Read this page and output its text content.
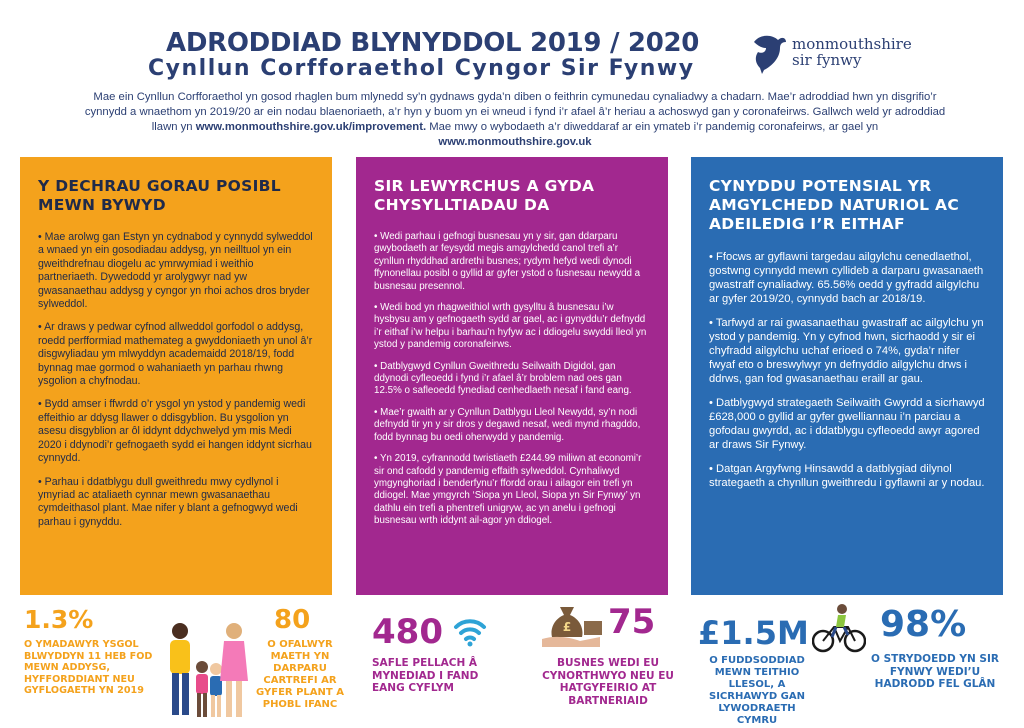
ADRODDIAD BLYNYDDOL 2019 / 2020
Cynllun Corfforaethol Cyngor Sir Fynwy
monmouthshire
sir fynwy
Mae ein Cynllun Corfforaethol yn gosod rhaglen bum mlynedd sy’n gydnaws gyda’n diben o feithrin cymunedau cynaliadwy a chadarn. Mae’r adroddiad hwn yn disgrifio’r cynnydd a wnaethom yn 2019/20 ar ein nodau blaenoriaeth, a’r hyn y buom yn ei wneud i fynd i’r afael â’r heriau a achoswyd gan y coronafeirws. Gallwch weld yr adroddiad llawn yn www.monmouthshire.gov.uk/improvement. Mae mwy o wybodaeth a’r diweddaraf ar ein ymateb i’r pandemig coronafeirws, ar gael yn www.monmouthshire.gov.uk
Y DECHRAU GORAU POSIBL MEWN BYWYD

• Mae arolwg gan Estyn yn cydnabod y cynnydd sylweddol a wnaed yn ein gosodiadau addysg, yn neilltuol yn ein gweithdrefnau diogelu ac ymrwymiad i weithio partneriaeth. Dywedodd yr arolygwyr nad yw gwasanaethau addysg y cyngor yn rhoi achos dros bryder sylweddol.

• Ar draws y pedwar cyfnod allweddol gorfodol o addysg, roedd perfformiad mathemateg a gwyddoniaeth yn unol â’r disgwyliadau ym mlwyddyn academaidd 2018/19, fodd bynnag mae gormod o wahaniaeth yn parhau rhwng ysgolion a chyfnodau.

• Bydd amser i ffwrdd o’r ysgol yn ystod y pandemig wedi effeithio ar ddysg llawer o ddisgyblion. Bu ysgolion yn asesu disgyblion ar ôl iddynt ddychwelyd ym mis Medi 2020 i ddynodi’r gefnogaeth sydd ei hangen iddynt sicrhau cynnydd.

• Parhau i ddatblygu dull gweithredu mwy cydlynol i ymyriad ac ataliaeth cynnar mewn gwasanaethau cymdeithasol plant. Mae nifer y blant a gefnogwyd wedi parhau i gynyddu.

SIR LEWYRCHUS A GYDA CHYSYLLTIADAU DA

• Wedi parhau i gefnogi busnesau yn y sir, gan ddarparu gwybodaeth ar feysydd megis amgylchedd canol trefi a’r cynllun rhyddhad ardrethi busnes; rydym hefyd wedi dynodi ffynonellau posibl o gyllid ar gyfer ystod o fusnesau newydd a busnesau presennol.

• Wedi bod yn rhagweithiol wrth gysylltu â busnesau i’w hysbysu am y gefnogaeth sydd ar gael, ac i gynyddu’r defnydd i’r eithaf i’w helpu i barhau’n hyfyw ac i ddiogelu swyddi lleol yn ystod y pandemig coronafeirws.

• Datblygwyd Cynllun Gweithredu Seilwaith Digidol, gan ddynodi cyfleoedd i fynd i’r afael â’r broblem nad oes gan 12.5% o safleoedd fynediad cenhedlaeth nesaf i fand eang.

• Mae’r gwaith ar y Cynllun Datblygu Lleol Newydd, sy’n nodi defnydd tir yn y sir dros y degawd nesaf, wedi mynd rhagddo, fodd bynnag bu oedi oherwydd y pandemig.

• Yn 2019, cyfrannodd twristiaeth £244.99 miliwn at economi’r sir ond cafodd y pandemig effaith sylweddol. Cynhaliwyd ymgynghoriad i benderfynu’r ffordd orau i ailagor ein trefi yn ddiogel. Mae ymgyrch ‘Siopa yn Lleol, Siopa yn Sir Fynwy’ yn dathlu ein trefi a phentrefi unigryw, ac yn anelu i gefnogi busnesau wrth iddynt ail-agor yn ddiogel.

CYNYDDU POTENSIAL YR AMGYLCHEDD NATURIOL AC ADEILEDIG I’R EITHAF

• Ffocws ar gyflawni targedau ailgylchu cenedlaethol, gostwng cynnydd mewn cyllideb a darparu gwasanaeth gwastraff cynaliadwy. 65.56% oedd y gyfradd ailgylchu ar gyfer 2019/20, cynnydd bach ar 2018/19.

• Tarfwyd ar rai gwasanaethau gwastraff ac ailgylchu yn ystod y pandemig. Yn y cyfnod hwn, sicrhaodd y sir ei chyfradd ailgylchu uchaf erioed o 74%, gyda’r nifer fwyaf eto o breswylwyr yn defnyddio ailgylchu drws i ddrws, gan fod gwasanaethau eraill ar gau.

• Datblygwyd strategaeth Seilwaith Gwyrdd a sicrhawyd £628,000 o gyllid ar gyfer gwelliannau i’n parciau a gofodau gwyrdd, ac i ddatblygu cyfleoedd awyr agored ar draws Sir Fynwy.

• Datgan Argyfwng Hinsawdd a datblygiad dilynol strategaeth a chynllun gweithredu i gyflawni ar y nodau.

1.3%
O YMADAWYR YSGOL BLWYDDYN 11 HEB FOD MEWN ADDYSG, HYFFORDDIANT NEU GYFLOGAETH YN 2019
80
O OFALWYR MAETH YN DARPARU CARTREFI AR GYFER PLANT A PHOBL IFANC
480
SAFLE PELLACH Â MYNEDIAD I FAND EANG CYFLYM
£ 75
BUSNES WEDI EU CYNORTHWYO NEU EU HATGYFEIRIO AT BARTNERIAID
£1.5M
O FUDDSODDIAD MEWN TEITHIO LLESOL, A SICRHAWYD GAN LYWODRAETH CYMRU
98%
O STRYDOEDD YN SIR FYNWY WEDI’U HADRODD FEL GLÂN
